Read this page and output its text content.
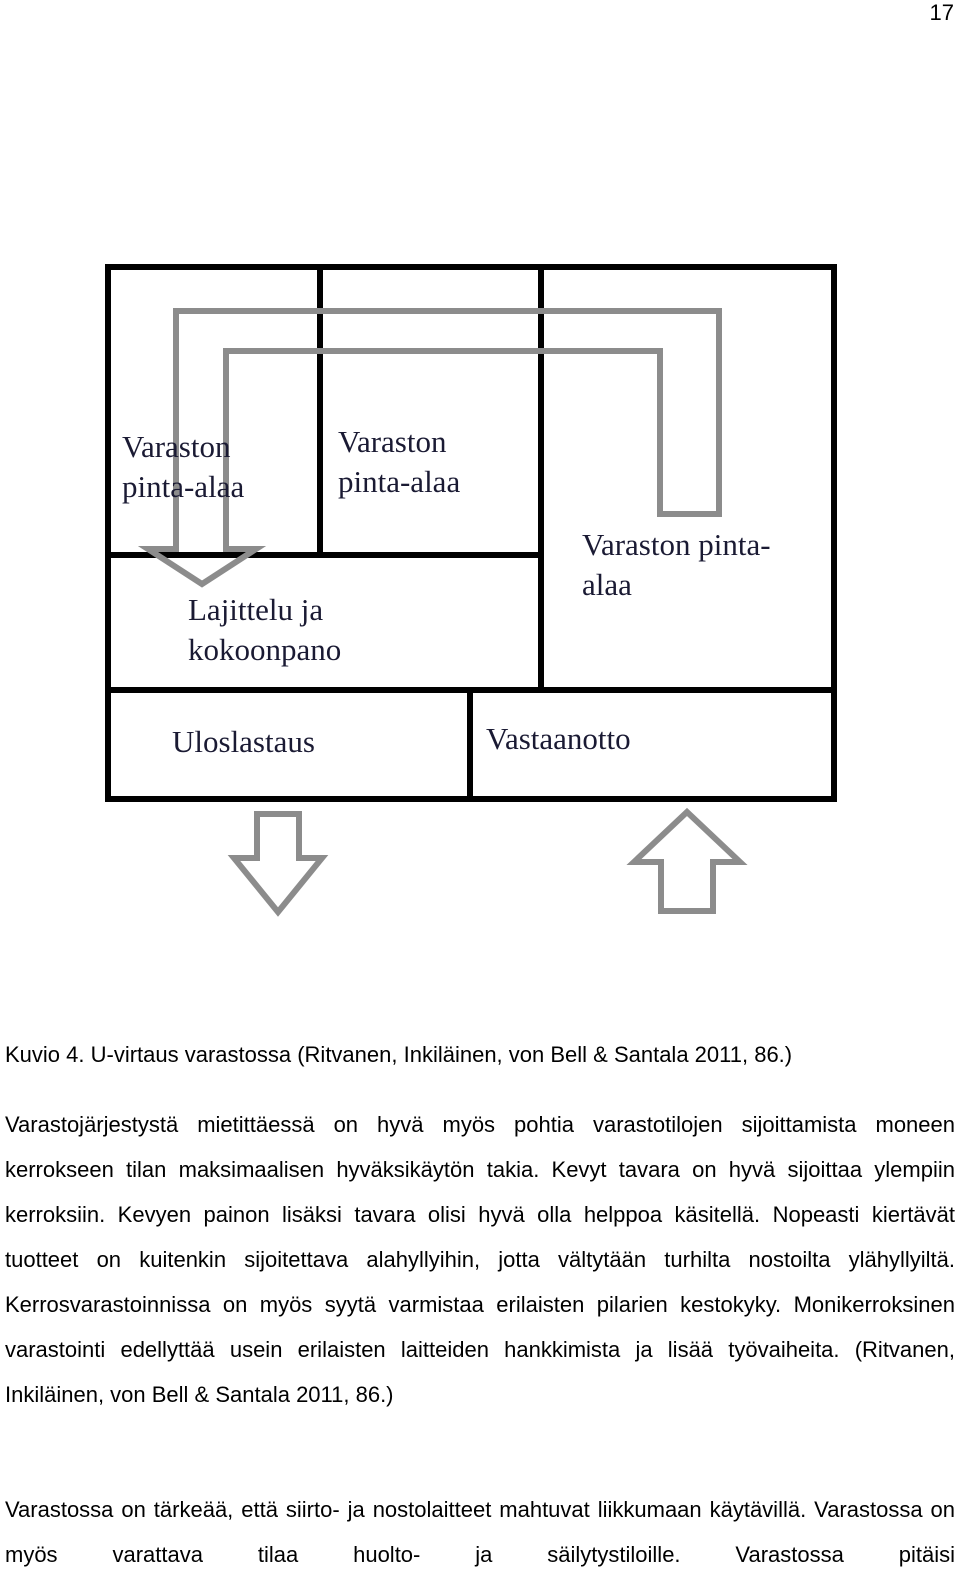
17
Varaston
pinta-alaa
Varaston
pinta-alaa
Varaston pinta-
alaa
Lajittelu ja
kokoonpano
Uloslastaus	Vastaanotto
Kuvio 4. U-virtaus varastossa (Ritvanen, Inkiläinen, von Bell & Santala 2011, 86.)

Varastojärjestystä mietittäessä on hyvä myös pohtia varastotilojen sijoittamista moneen kerrokseen tilan maksimaalisen hyväksikäytön takia. Kevyt tavara on hyvä sijoittaa ylempiin kerroksiin. Kevyen painon lisäksi tavara olisi hyvä olla helppoa käsitellä. Nopeasti kiertävät tuotteet on kuitenkin sijoitettava alahyllyihin, jotta vältytään turhilta nostoilta ylähyllyiltä. Kerrosvarastoinnissa on myös syytä varmistaa erilaisten pilarien kestokyky. Monikerroksinen varastointi edellyttää usein erilaisten laitteiden hankkimista ja lisää työvaiheita. (Ritvanen, Inkiläinen, von Bell & Santala 2011, 86.)

Varastossa on tärkeää, että siirto- ja nostolaitteet mahtuvat liikkumaan käytävillä. Varastossa on myös varattava tilaa huolto- ja säilytystiloille. Varastossa pitäisi
